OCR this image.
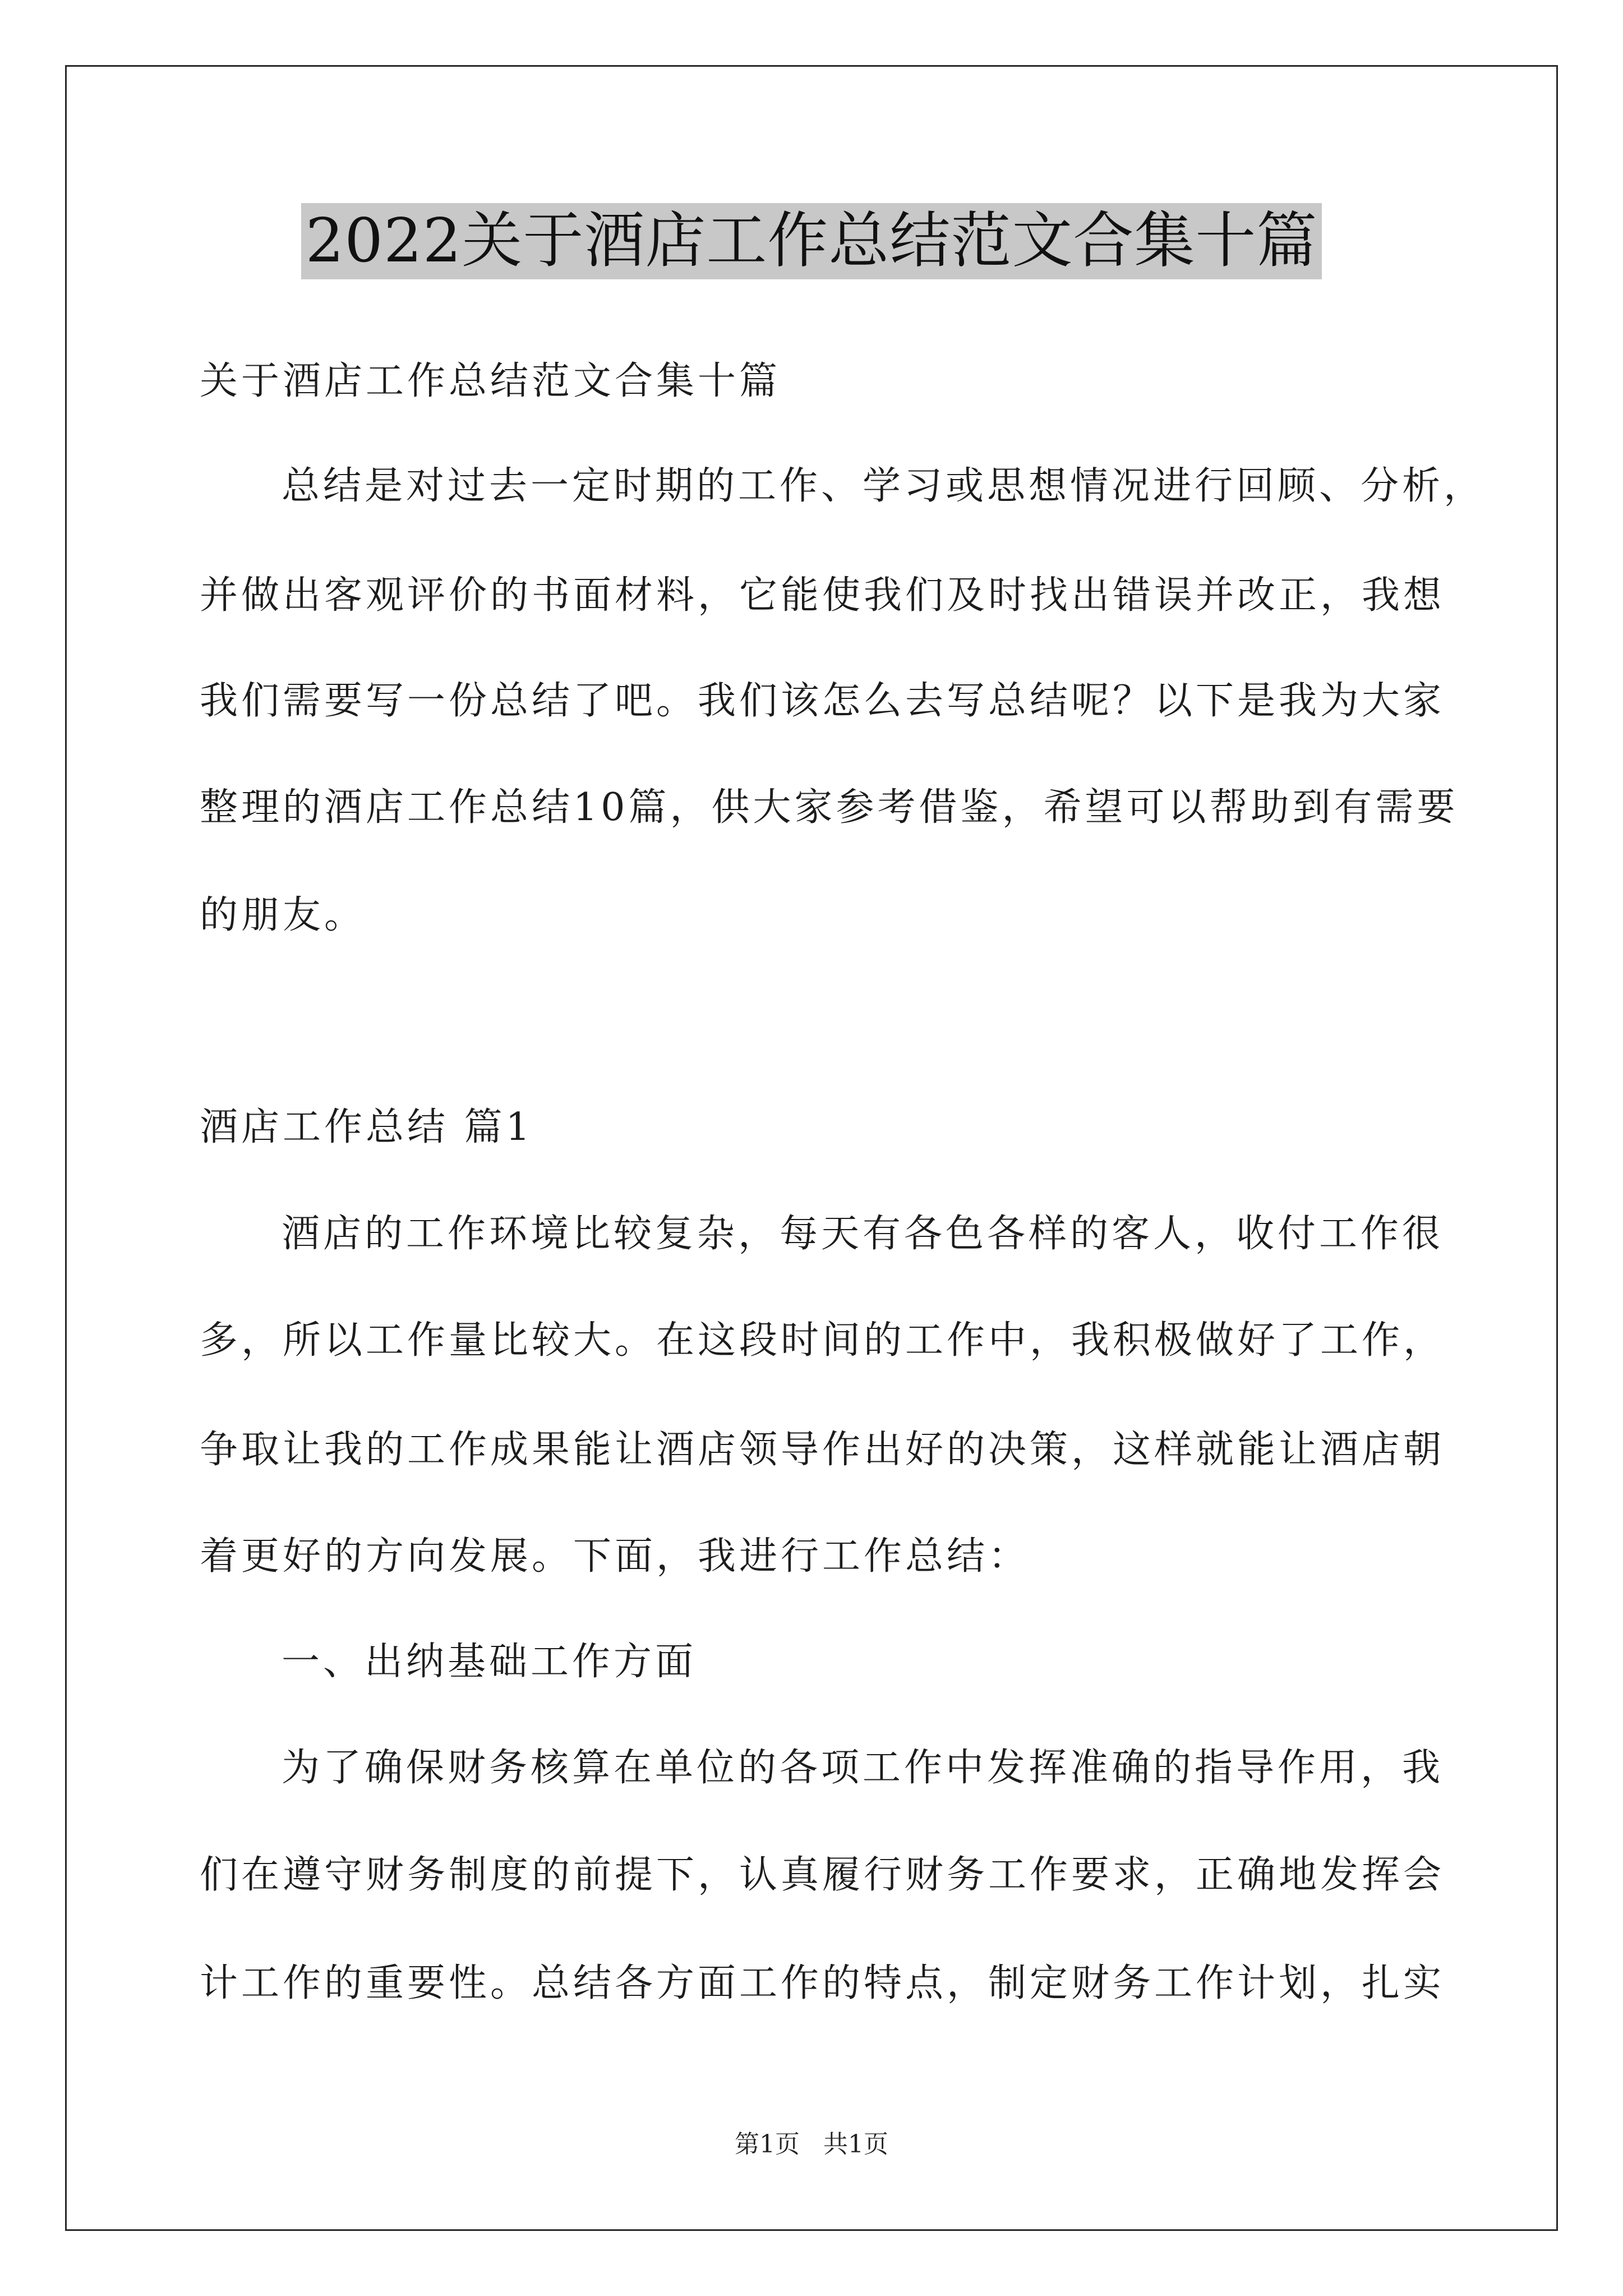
2022关于酒店工作总结范文合集十篇
关于酒店工作总结范文合集十篇
总结是对过去一定时期的工作、学习或思想情况进行回顾、分析，
并做出客观评价的书面材料，它能使我们及时找出错误并改正，我想
我们需要写一份总结了吧。我们该怎么去写总结呢？以下是我为大家
整理的酒店工作总结10篇，供大家参考借鉴，希望可以帮助到有需要
的朋友。
酒店工作总结 篇1
酒店的工作环境比较复杂，每天有各色各样的客人，收付工作很
多，所以工作量比较大。在这段时间的工作中，我积极做好了工作，
争取让我的工作成果能让酒店领导作出好的决策，这样就能让酒店朝
着更好的方向发展。下面，我进行工作总结：
一、出纳基础工作方面
为了确保财务核算在单位的各项工作中发挥准确的指导作用，我
们在遵守财务制度的前提下，认真履行财务工作要求，正确地发挥会
计工作的重要性。总结各方面工作的特点，制定财务工作计划，扎实
第1页   共1页
